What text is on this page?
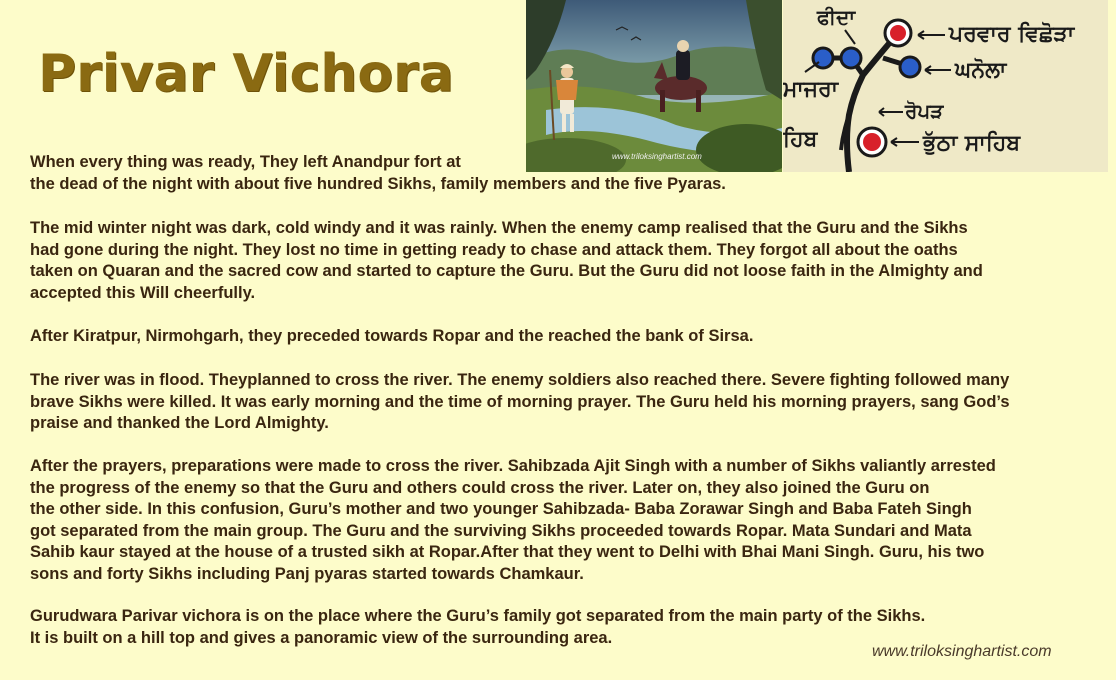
Privar Vichora
www.triloksinghartist.com
ਫੀਦਾ
ਪਰਵਾਰ ਵਿਛੋੜਾ
ਘਨੋਲਾ
ਮਾਜਰਾ
ਰੋਪੜ
ਹਿਬ	ਭੁੱਠਾ ਸਾਹਿਬ
When every thing was ready, They left Anandpur fort at
the dead of the night with about five hundred Sikhs, family members and the five Pyaras.
The mid winter night was dark, cold windy and it was rainly. When the enemy camp realised that the Guru and the Sikhs
had gone during the night. They lost no time in getting ready to chase and attack them. They forgot all about the oaths
taken on Quaran and the sacred cow and started to capture the Guru. But the Guru did not loose faith in the Almighty and
accepted this Will cheerfully.
After Kiratpur, Nirmohgarh, they preceded towards Ropar and the reached the bank of Sirsa.
The river was in flood. Theyplanned to cross the river. The enemy soldiers also reached there. Severe fighting followed many
brave Sikhs were killed. It was early morning and the time of morning prayer. The Guru held his morning prayers, sang God’s
praise and thanked the Lord Almighty.
After the prayers, preparations were made to cross the river. Sahibzada Ajit Singh with a number of Sikhs valiantly arrested
the progress of the enemy so that the Guru and others could cross the river. Later on, they also joined the Guru on
the other side. In this confusion, Guru’s mother and two younger Sahibzada- Baba Zorawar Singh and Baba Fateh Singh
got separated from the main group. The Guru and the surviving Sikhs proceeded towards Ropar. Mata Sundari and Mata
Sahib kaur stayed at the house of a trusted sikh at Ropar.After that they went to Delhi with Bhai Mani Singh. Guru, his two
sons and forty Sikhs including Panj pyaras started towards Chamkaur.
Gurudwara Parivar vichora is on the place where the Guru’s family got separated from the main party of the Sikhs.
It is built on a hill top and gives a panoramic view of the surrounding area.
www.triloksinghartist.com
